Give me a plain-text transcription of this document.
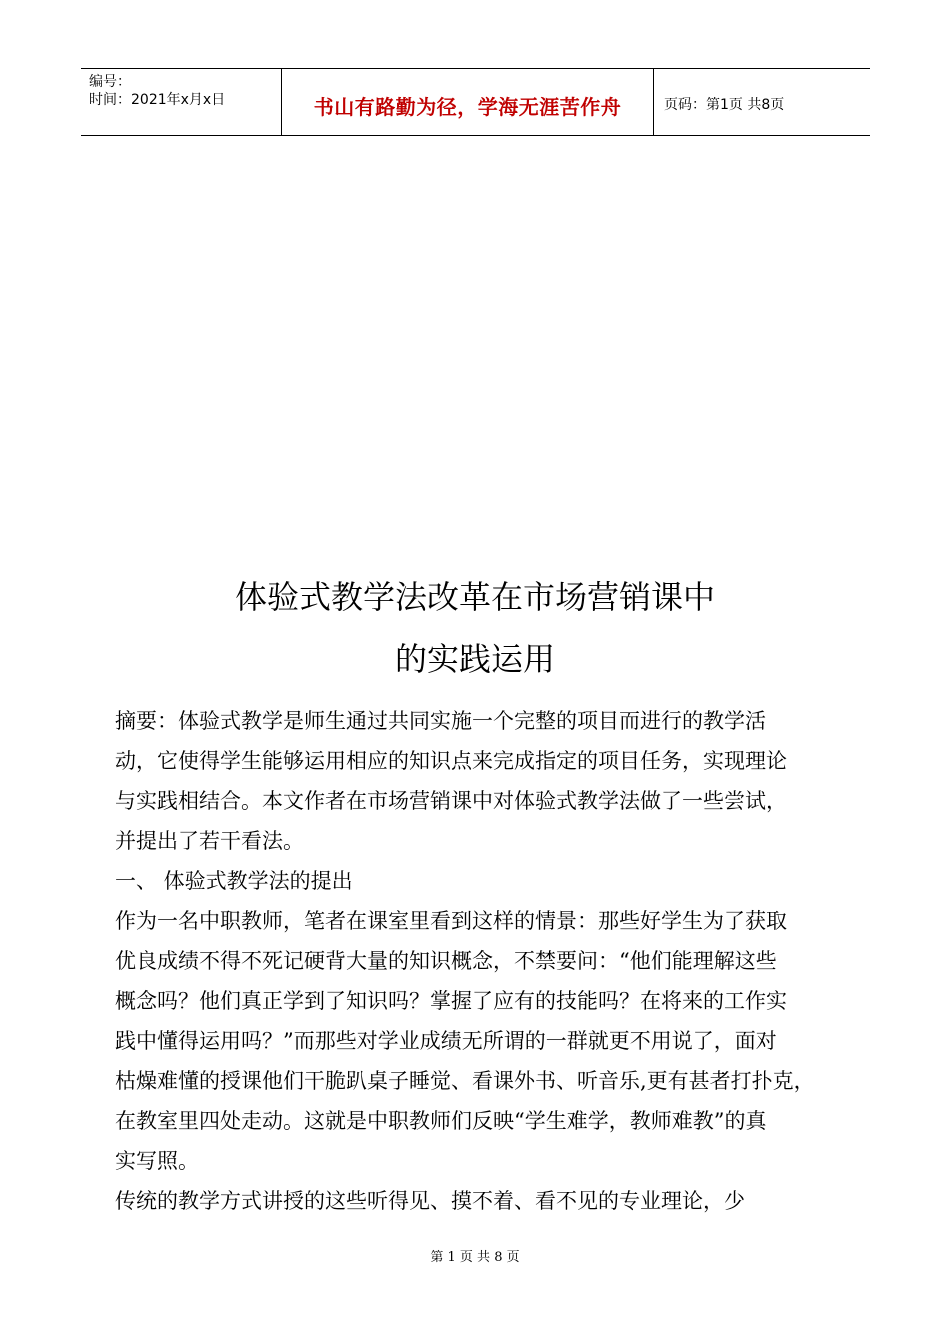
编号：
时间：2021年x月x日	书山有路勤为径，学海无涯苦作舟	页码：第1页 共8页
体验式教学法改革在市场营销课中
的实践运用
摘要：体验式教学是师生通过共同实施一个完整的项目而进行的教学活
动，它使得学生能够运用相应的知识点来完成指定的项目任务，实现理论
与实践相结合。本文作者在市场营销课中对体验式教学法做了一些尝试，
并提出了若干看法。
一、 体验式教学法的提出
作为一名中职教师，笔者在课室里看到这样的情景：那些好学生为了获取
优良成绩不得不死记硬背大量的知识概念，不禁要问：“他们能理解这些
概念吗？他们真正学到了知识吗？掌握了应有的技能吗？在将来的工作实
践中懂得运用吗？”而那些对学业成绩无所谓的一群就更不用说了，面对
枯燥难懂的授课他们干脆趴桌子睡觉、看课外书、听音乐,更有甚者打扑克，
在教室里四处走动。这就是中职教师们反映“学生难学，教师难教”的真
实写照。
传统的教学方式讲授的这些听得见、摸不着、看不见的专业理论，少
第 1 页 共 8 页
